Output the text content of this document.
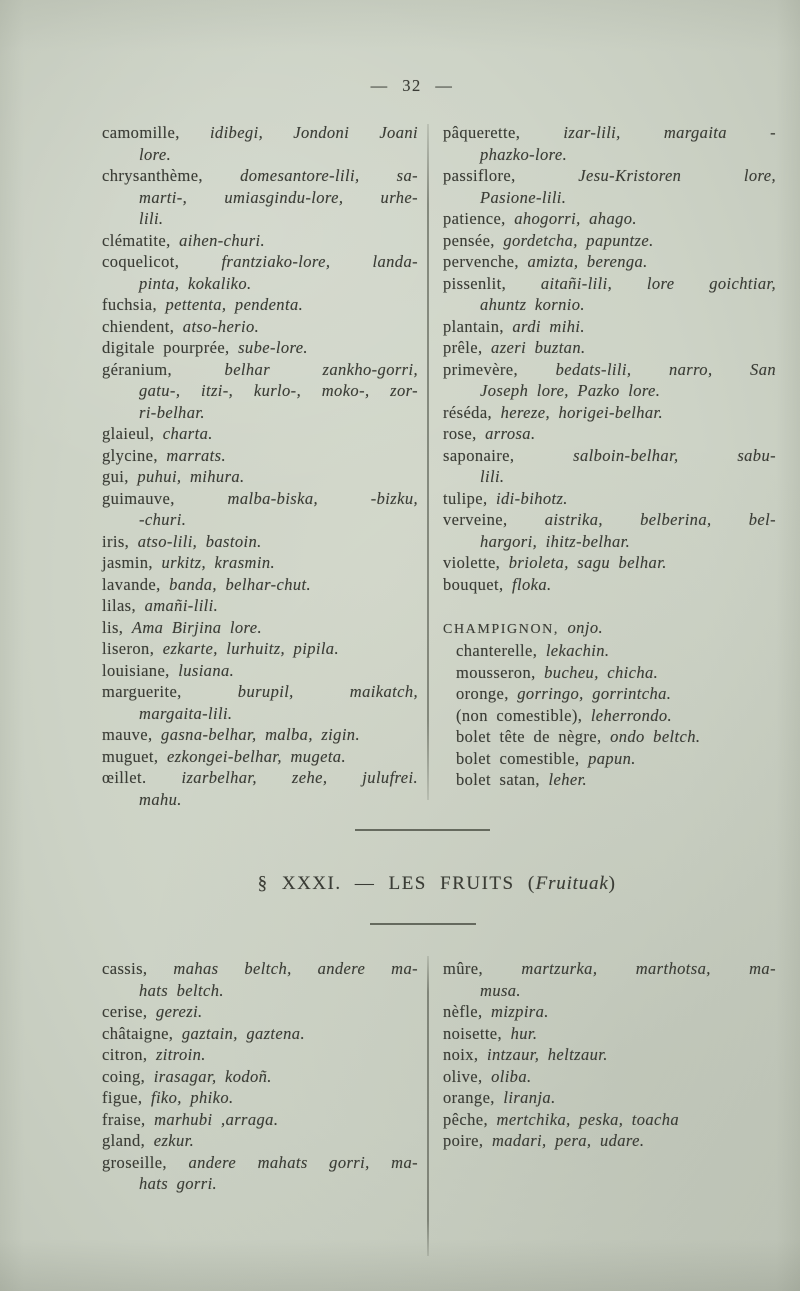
— 32 —
camomille, idibegi, Jondoni Joani
lore.
chrysanthème, domesantore-lili, sa-
marti-, umiasgindu-lore, urhe-
lili.
clématite, aihen-churi.
coquelicot,	frantziako-lore, landa-
pinta, kokaliko.
fuchsia, pettenta, pendenta.
chiendent, atso-herio.
digitale pourprée, sube-lore.
géranium,	belhar zankho-gorri,
gatu-, itzi-, kurlo-, moko-, zor-
ri-belhar.
glaieul, charta.
glycine, marrats.
gui, puhui, mihura.
guimauve,	malba-biska, -bizku,
-churi.
iris, atso-lili, bastoin.
jasmin, urkitz, krasmin.
lavande, banda, belhar-chut.
lilas, amañi-lili.
lis, Ama Birjina lore.
liseron, ezkarte, lurhuitz, pipila.
louisiane, lusiana.
marguerite,	burupil, maikatch,
margaita-lili.
mauve, gasna-belhar, malba, zigin.
muguet, ezkongei-belhar, mugeta.
œillet. izarbelhar, zehe, julufrei.
mahu.
pâquerette,	izar-lili, margaita -
phazko-lore.
passiflore,	Jesu-Kristoren lore,
Pasione-lili.
patience, ahogorri, ahago.
pensée, gordetcha, papuntze.
pervenche, amizta, berenga.
pissenlit, aitañi-lili, lore goichtiar,
ahuntz kornio.
plantain, ardi mihi.
prêle, azeri buztan.
primevère, bedats-lili, narro, San
Joseph lore, Pazko lore.
réséda, hereze, horigei-belhar.
rose, arrosa.
saponaire,	salboin-belhar, sabu-
lili.
tulipe, idi-bihotz.
verveine, aistrika, belberina, bel-
hargori, ihitz-belhar.
violette, brioleta, sagu belhar.
bouquet, floka.
CHAMPIGNON, onjo.
chanterelle, lekachin.
mousseron, bucheu, chicha.
oronge, gorringo, gorrintcha.
(non comestible), leherrondo.
bolet tête de nègre, ondo beltch.
bolet comestible, papun.
bolet satan, leher.
§ XXXI. — LES FRUITS (Fruituak)
cassis, mahas beltch, andere ma-
hats beltch.
cerise, gerezi.
châtaigne, gaztain, gaztena.
citron, zitroin.
coing, irasagar, kodoñ.
figue, fiko, phiko.
fraise, marhubi ,arraga.
gland, ezkur.
groseille, andere mahats gorri, ma-
hats gorri.
mûre, martzurka, marthotsa, ma-
musa.
nèfle, mizpira.
noisette, hur.
noix, intzaur, heltzaur.
olive, oliba.
orange, liranja.
pêche, mertchika, peska, toacha
poire, madari, pera, udare.
